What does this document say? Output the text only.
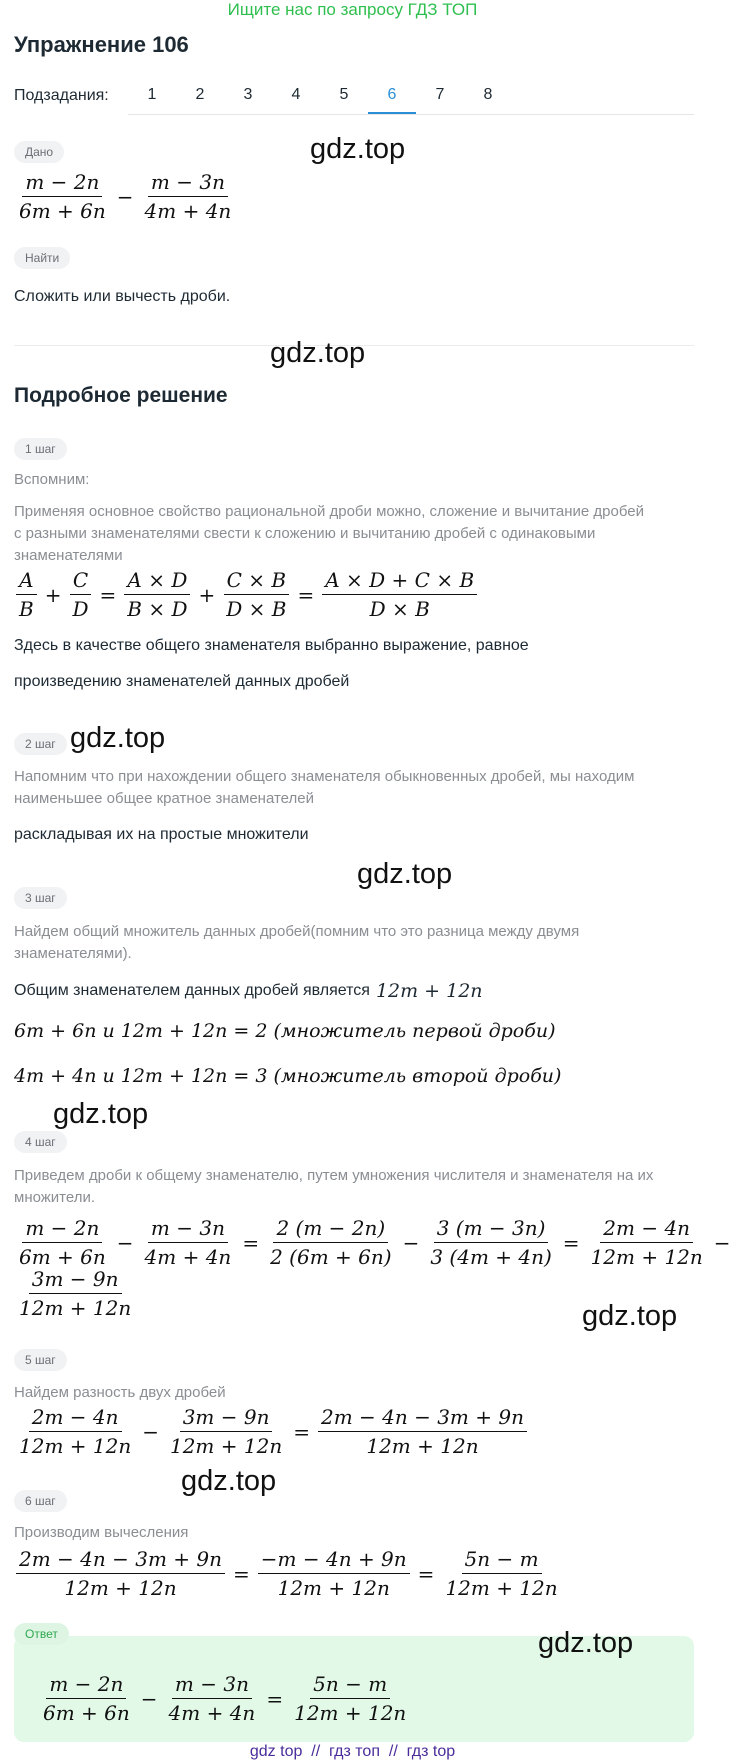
Ищите нас по запросу ГДЗ ТОП
Упражнение 106
Подзадания:	1	2	3	4	5	6	7	8
Дано	gdz.top
$\frac{m - 2n}{6m + 6n} - \frac{m - 3n}{4m + 4n}$
Найти
Сложить или вычесть дроби.
gdz.top
Подробное решение
1 шаг
Вспомним:
Применяя основное свойство рациональной дроби можно, сложение и вычитание дробей с разными знаменателями свести к сложению и вычитанию дробей с одинаковыми знаменателями
$\frac{A}{B} + \frac{C}{D} = \frac{A \times D}{B \times D} + \frac{C \times B}{D \times B} = \frac{A \times D + C \times B}{D \times B}$
Здесь в качестве общего знаменателя выбранно выражение, равное
произведению знаменателей данных дробей
2 шаг gdz.top
Напомним что при нахождении общего знаменателя обыкновенных дробей, мы находим наименьшее общее кратное знаменателей
раскладывая их на простые множители
gdz.top
3 шаг
Найдем общий множитель данных дробей(помним что это разница между двумя знаменателями).
Общим знаменателем данных дробей является 12m + 12n
6m + 6n и 12m + 12n = 2 (множитель первой дроби)
4m + 4n и 12m + 12n = 3 (множитель второй дроби)
gdz.top
4 шаг
Приведем дроби к общему знаменателю, путем умножения числителя и знаменателя на их множители.
$\frac{m - 2n}{6m + 6n} - \frac{m - 3n}{4m + 4n} = \frac{2 (m - 2n)}{2 (6m + 6n)} - \frac{3 (m - 3n)}{3 (4m + 4n)} = \frac{2m - 4n}{12m + 12n}$ −
$\frac{3m - 9n}{12m + 12n}$	gdz.top
5 шаг
Найдем разность двух дробей
$\frac{2m - 4n}{12m + 12n} - \frac{3m - 9n}{12m + 12n} = \frac{2m - 4n - 3m + 9n}{12m + 12n}$
gdz.top
6 шаг
Производим вычесления
$\frac{2m - 4n - 3m + 9n}{12m + 12n} = \frac{-m - 4n + 9n}{12m + 12n} = \frac{5n - m}{12m + 12n}$
Ответ	gdz.top
$\frac{m - 2n}{6m + 6n} - \frac{m - 3n}{4m + 4n} = \frac{5n - m}{12m + 12n}$
gdz top  //  гдз топ  //  гдз top
